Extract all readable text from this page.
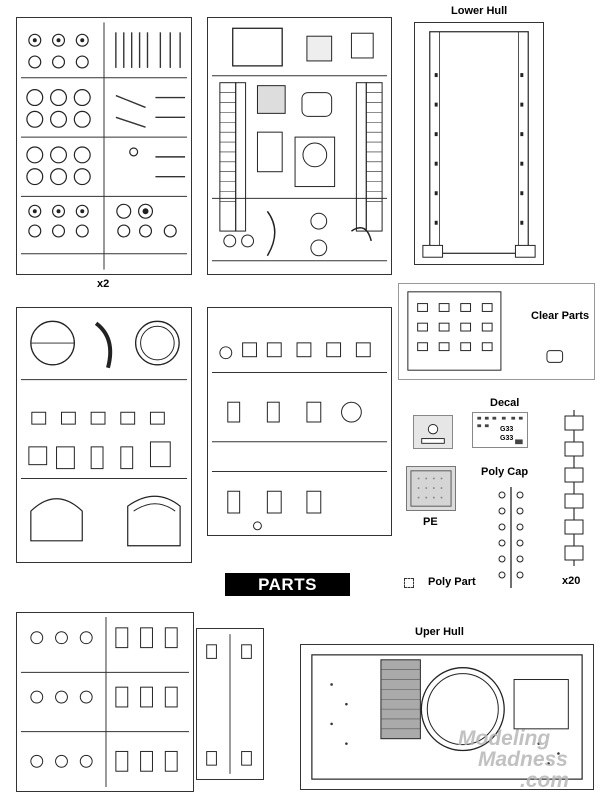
x2
Lower Hull
Clear Parts
Decal
G33
G33
Poly Cap
PE
x20
Poly Part
PARTS
Uper Hull
Modeling
Madness
.com
